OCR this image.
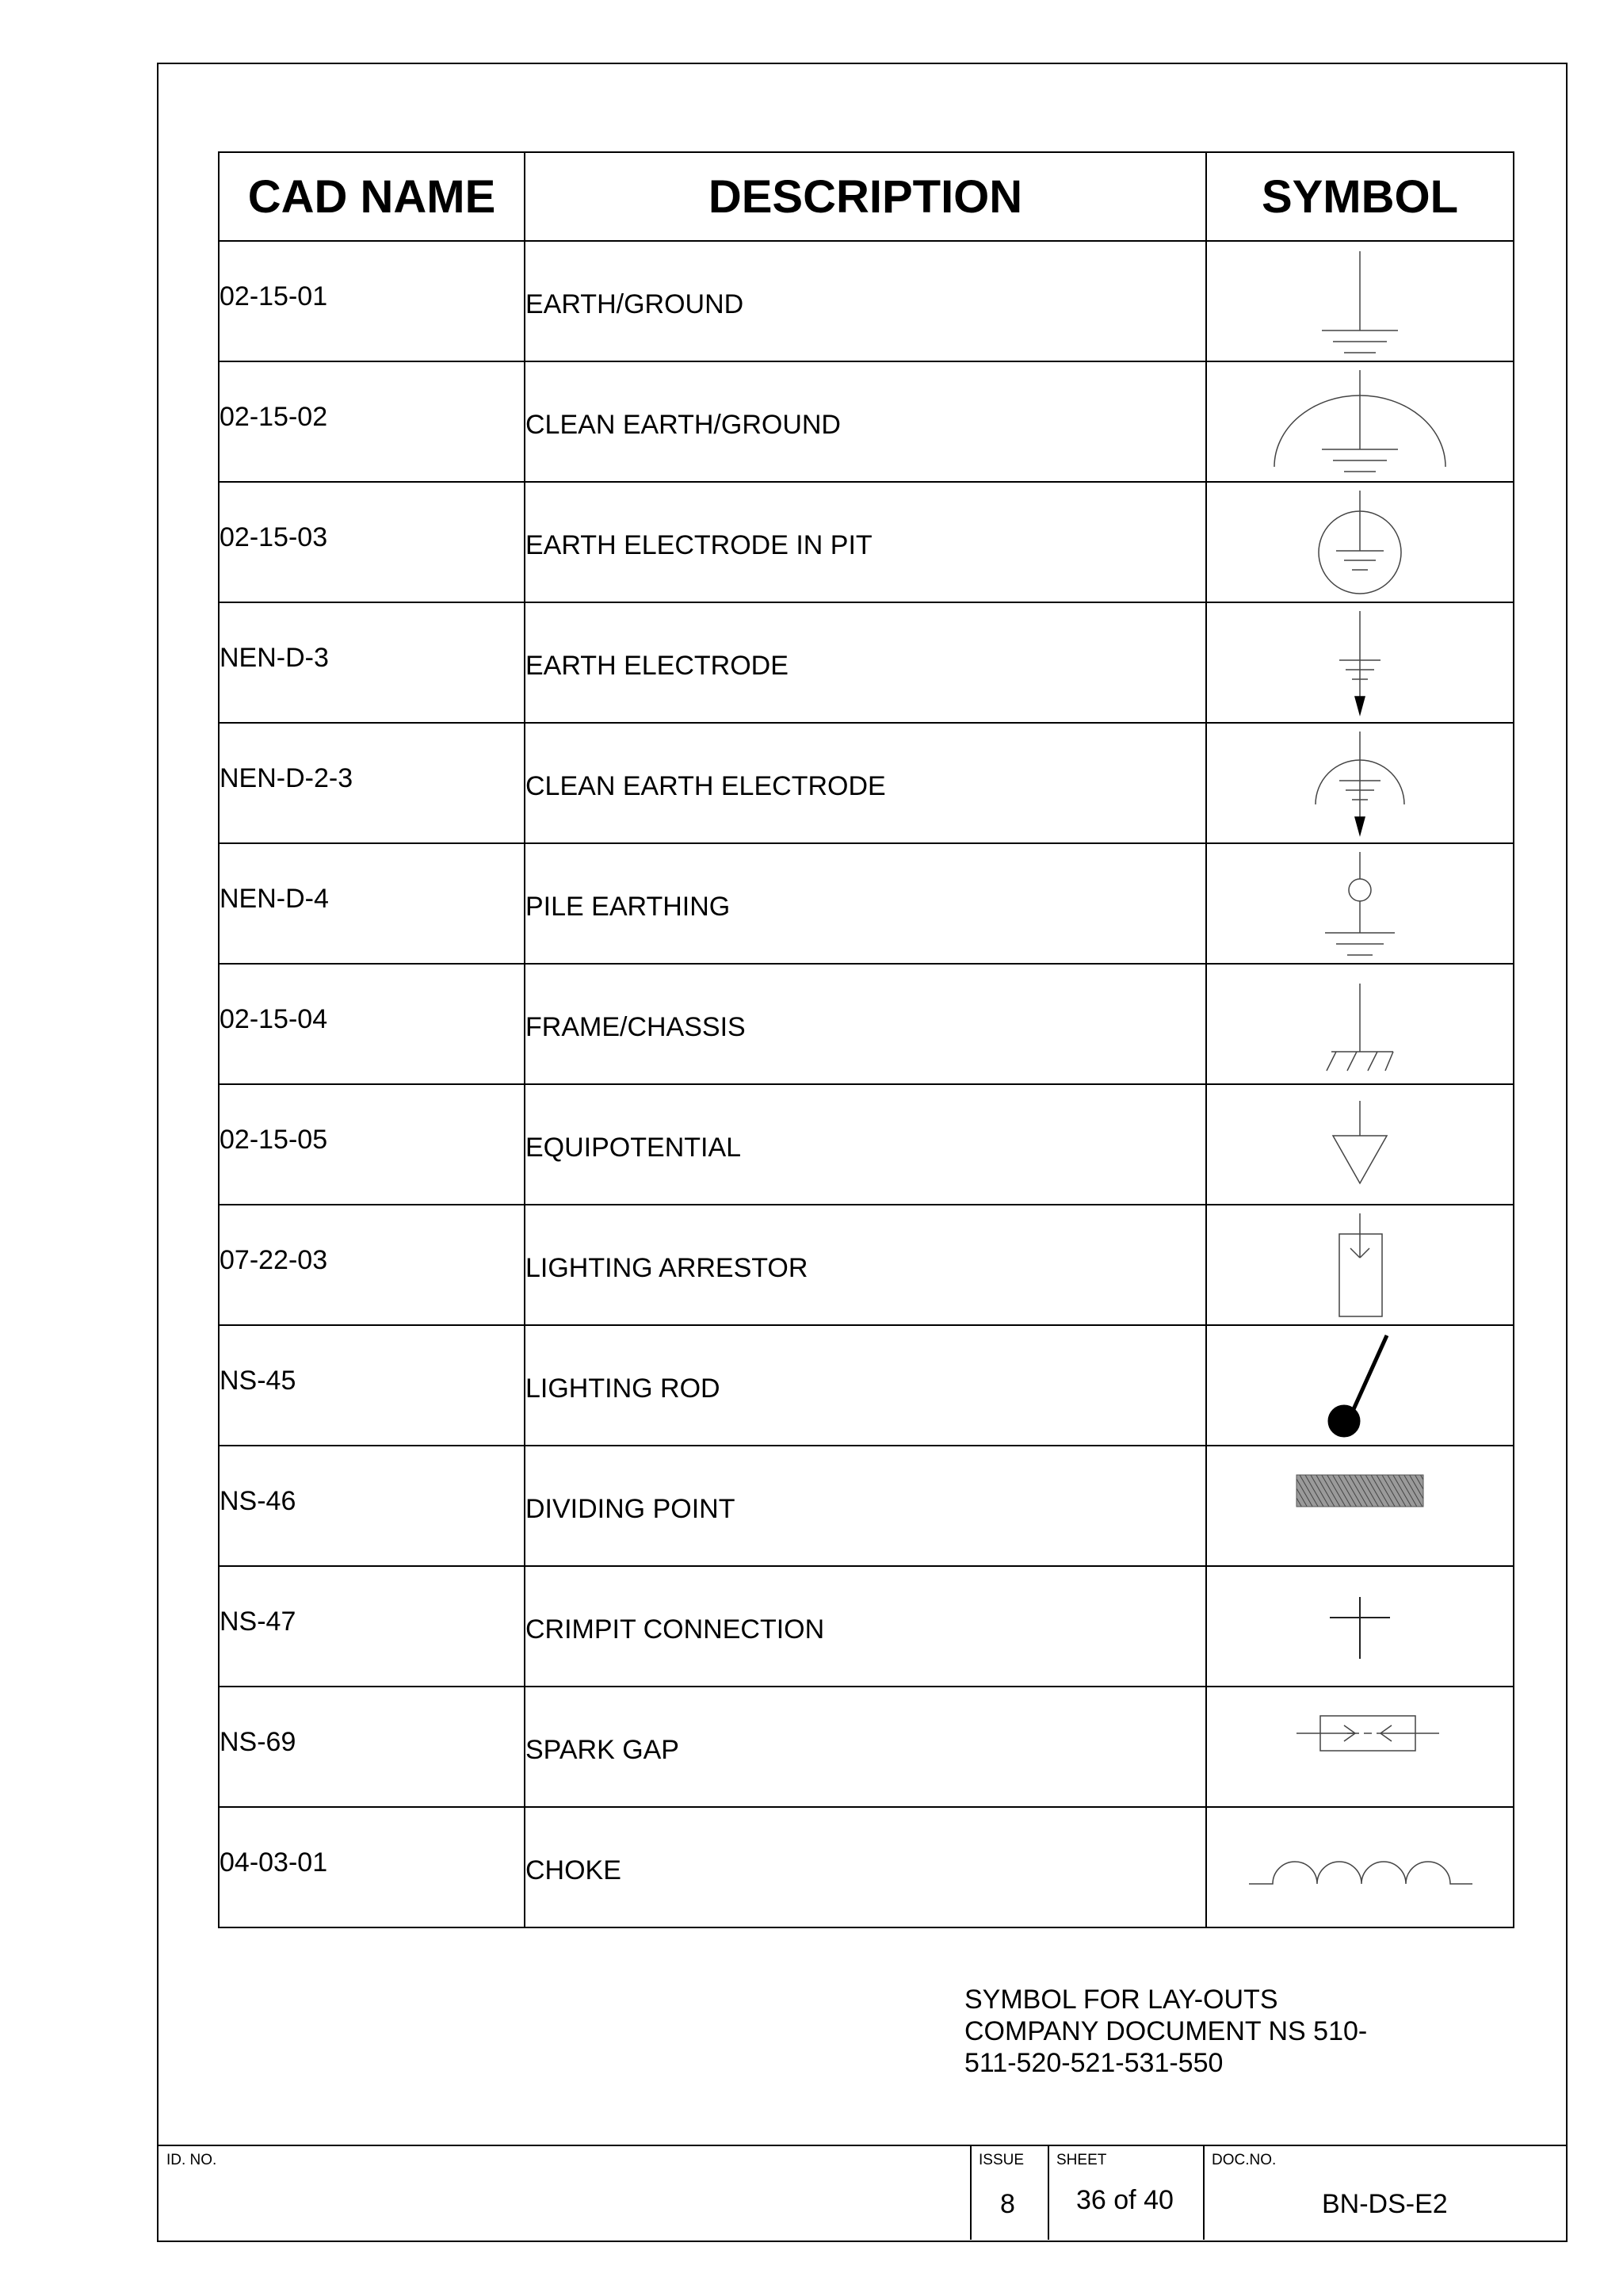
CAD NAME	DESCRIPTION	SYMBOL
02-15-01	EARTH/GROUND	

02-15-02	CLEAN EARTH/GROUND	

02-15-03	EARTH ELECTRODE IN PIT	

NEN-D-3	EARTH ELECTRODE	

NEN-D-2-3	CLEAN EARTH ELECTRODE	

NEN-D-4	PILE EARTHING	

02-15-04	FRAME/CHASSIS	

02-15-05	EQUIPOTENTIAL	

07-22-03	LIGHTING ARRESTOR	

NS-45	LIGHTING ROD	

NS-46	DIVIDING POINT	

NS-47	CRIMPIT CONNECTION	

NS-69	SPARK GAP	

04-03-01	CHOKE	
SYMBOL FOR LAY-OUTS
COMPANY DOCUMENT NS 510-
511-520-521-531-550
ID. NO.	ISSUE
8
SHEET
36 of 40
DOC.NO.
BN-DS-E2
